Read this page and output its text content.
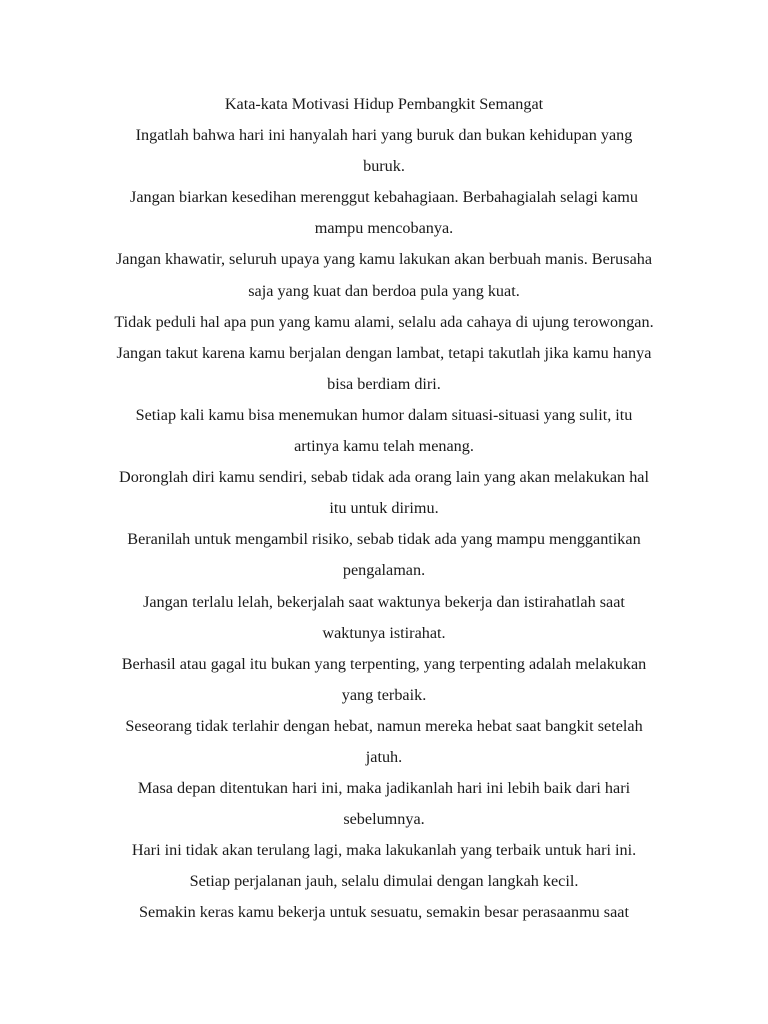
Kata-kata Motivasi Hidup Pembangkit Semangat

Ingatlah bahwa hari ini hanyalah hari yang buruk dan bukan kehidupan yang

buruk.

Jangan biarkan kesedihan merenggut kebahagiaan. Berbahagialah selagi kamu

mampu mencobanya.

Jangan khawatir, seluruh upaya yang kamu lakukan akan berbuah manis. Berusaha

saja yang kuat dan berdoa pula yang kuat.

Tidak peduli hal apa pun yang kamu alami, selalu ada cahaya di ujung terowongan.

Jangan takut karena kamu berjalan dengan lambat, tetapi takutlah jika kamu hanya

bisa berdiam diri.

Setiap kali kamu bisa menemukan humor dalam situasi-situasi yang sulit, itu

artinya kamu telah menang.

Doronglah diri kamu sendiri, sebab tidak ada orang lain yang akan melakukan hal

itu untuk dirimu.

Beranilah untuk mengambil risiko, sebab tidak ada yang mampu menggantikan

pengalaman.

Jangan terlalu lelah, bekerjalah saat waktunya bekerja dan istirahatlah saat

waktunya istirahat.

Berhasil atau gagal itu bukan yang terpenting, yang terpenting adalah melakukan

yang terbaik.

Seseorang tidak terlahir dengan hebat, namun mereka hebat saat bangkit setelah

jatuh.

Masa depan ditentukan hari ini, maka jadikanlah hari ini lebih baik dari hari

sebelumnya.

Hari ini tidak akan terulang lagi, maka lakukanlah yang terbaik untuk hari ini.

Setiap perjalanan jauh, selalu dimulai dengan langkah kecil.

Semakin keras kamu bekerja untuk sesuatu, semakin besar perasaanmu saat
